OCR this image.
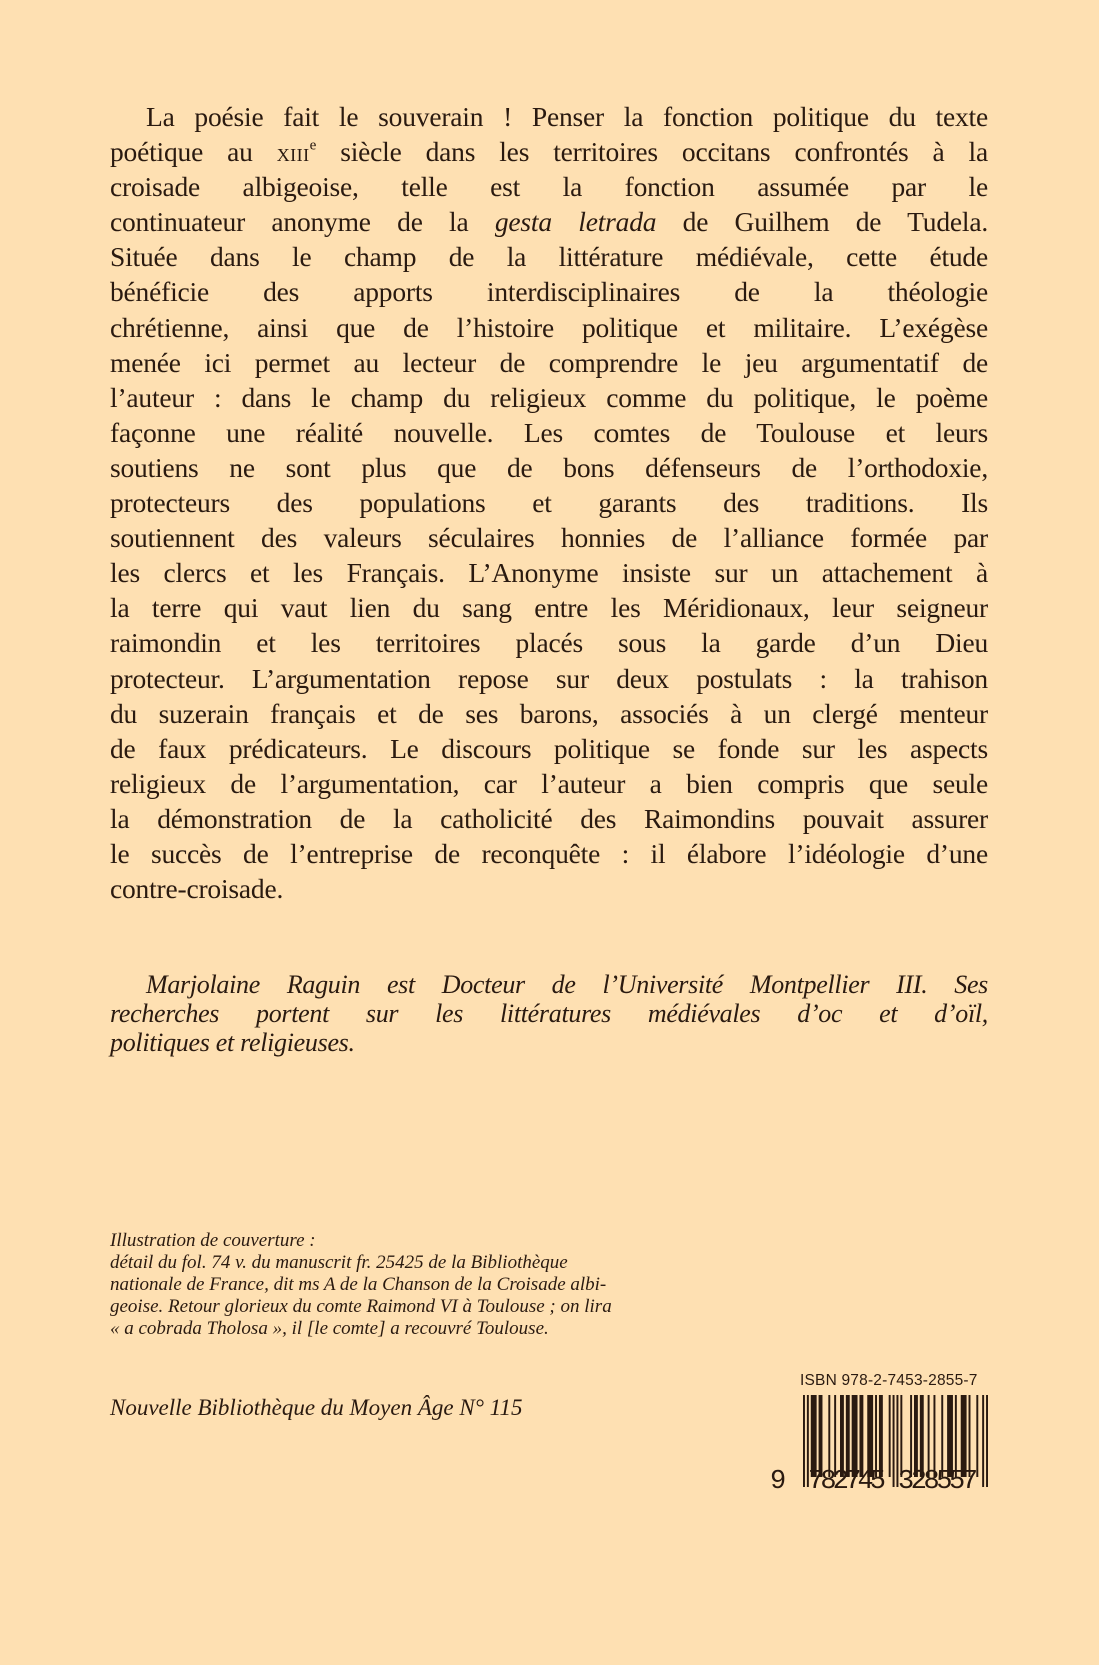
La poésie fait le souverain ! Penser la fonction politique du texte
poétique au xiii$^e$ siècle dans les territoires occitans confrontés à la
croisade albigeoise, telle est la fonction assumée par le
continuateur anonyme de la gesta letrada de Guilhem de Tudela.
Située dans le champ de la littérature médiévale, cette étude
bénéficie des apports interdisciplinaires de la théologie
chrétienne, ainsi que de l’histoire politique et militaire. L’exégèse
menée ici permet au lecteur de comprendre le jeu argumentatif de
l’auteur : dans le champ du religieux comme du politique, le poème
façonne une réalité nouvelle. Les comtes de Toulouse et leurs
soutiens ne sont plus que de bons défenseurs de l’orthodoxie,
protecteurs des populations et garants des traditions. Ils
soutiennent des valeurs séculaires honnies de l’alliance formée par
les clercs et les Français. L’Anonyme insiste sur un attachement à
la terre qui vaut lien du sang entre les Méridionaux, leur seigneur
raimondin et les territoires placés sous la garde d’un Dieu
protecteur. L’argumentation repose sur deux postulats : la trahison
du suzerain français et de ses barons, associés à un clergé menteur
de faux prédicateurs. Le discours politique se fonde sur les aspects
religieux de l’argumentation, car l’auteur a bien compris que seule
la démonstration de la catholicité des Raimondins pouvait assurer
le succès de l’entreprise de reconquête : il élabore l’idéologie d’une
contre-croisade.
Marjolaine Raguin est Docteur de l’Université Montpellier III. Ses
recherches portent sur les littératures médiévales d’oc et d’oïl,
politiques et religieuses.
Illustration de couverture :
détail du fol. 74 v. du manuscrit fr. 25425 de la Bibliothèque
nationale de France, dit ms A de la Chanson de la Croisade albi-
geoise. Retour glorieux du comte Raimond VI à Toulouse ; on lira
« a cobrada Tholosa », il [le comte] a recouvré Toulouse.
Nouvelle Bibliothèque du Moyen Âge N° 115
ISBN 978-2-7453-2855-7
9 782745 328557
